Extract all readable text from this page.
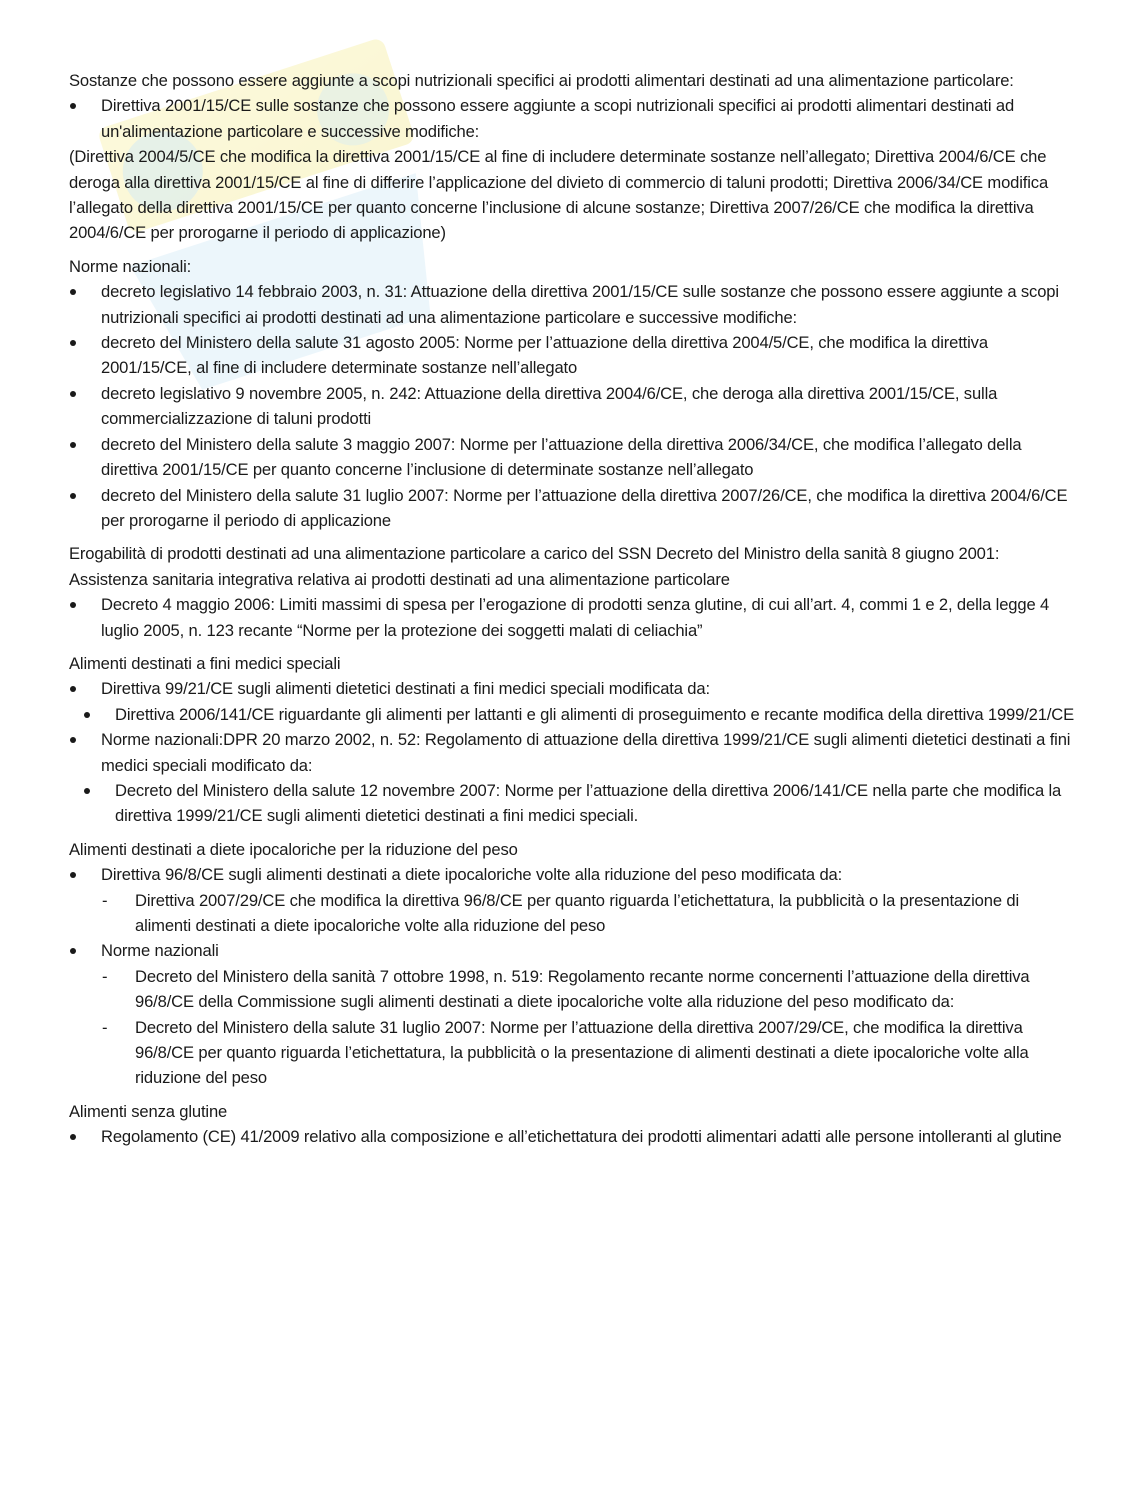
Sostanze che possono essere aggiunte a scopi nutrizionali specifici ai prodotti alimentari destinati ad una alimentazione particolare:

Direttiva 2001/15/CE sulle sostanze che possono essere aggiunte a scopi nutrizionali specifici ai prodotti alimentari destinati ad un'alimentazione particolare e successive modifiche:

(Direttiva 2004/5/CE che modifica la direttiva 2001/15/CE al fine di includere determinate sostanze nell’allegato; Direttiva 2004/6/CE che deroga alla direttiva 2001/15/CE al fine di differire l’applicazione del divieto di commercio di taluni prodotti; Direttiva 2006/34/CE modifica l’allegato della direttiva 2001/15/CE per quanto concerne l’inclusione di alcune sostanze; Direttiva 2007/26/CE che modifica la direttiva 2004/6/CE per prorogarne il periodo di applicazione)

Norme nazionali:

decreto legislativo 14 febbraio 2003, n. 31: Attuazione della direttiva 2001/15/CE sulle sostanze che possono essere aggiunte a scopi nutrizionali specifici ai prodotti destinati ad una alimentazione particolare e successive modifiche:
decreto del Ministero della salute 31 agosto 2005: Norme per l’attuazione della direttiva 2004/5/CE, che modifica la direttiva 2001/15/CE, al fine di includere determinate sostanze nell’allegato
decreto legislativo 9 novembre 2005, n. 242: Attuazione della direttiva 2004/6/CE, che deroga alla direttiva 2001/15/CE, sulla commercializzazione di taluni prodotti
decreto del Ministero della salute 3 maggio 2007: Norme per l’attuazione della direttiva 2006/34/CE, che modifica l’allegato della direttiva 2001/15/CE per quanto concerne l’inclusione di determinate sostanze nell’allegato
decreto del Ministero della salute 31 luglio 2007: Norme per l’attuazione della direttiva 2007/26/CE, che modifica la direttiva 2004/6/CE per prorogarne il periodo di applicazione

Erogabilità di prodotti destinati ad una alimentazione particolare a carico del SSN Decreto del Ministro della sanità 8 giugno 2001: Assistenza sanitaria integrativa relativa ai prodotti destinati ad una alimentazione particolare

Decreto 4 maggio 2006: Limiti massimi di spesa per l’erogazione di prodotti senza glutine, di cui all’art. 4, commi 1 e 2, della legge 4 luglio 2005, n. 123 recante “Norme per la protezione dei soggetti malati di celiachia”

Alimenti destinati a fini medici speciali

Direttiva 99/21/CE sugli alimenti dietetici destinati a fini medici speciali modificata da:
Direttiva 2006/141/CE riguardante gli alimenti per lattanti e gli alimenti di proseguimento e recante modifica della direttiva 1999/21/CE
Norme nazionali:DPR 20 marzo 2002, n. 52: Regolamento di attuazione della direttiva 1999/21/CE sugli alimenti dietetici destinati a fini medici speciali modificato da:
Decreto del Ministero della salute 12 novembre 2007: Norme per l’attuazione della direttiva 2006/141/CE nella parte che modifica la direttiva 1999/21/CE sugli alimenti dietetici destinati a fini medici speciali.

Alimenti destinati a diete ipocaloriche per la riduzione del peso

Direttiva 96/8/CE sugli alimenti destinati a diete ipocaloriche volte alla riduzione del peso modificata da:
- Direttiva 2007/29/CE che modifica la direttiva 96/8/CE per quanto riguarda l’etichettatura, la pubblicità o la presentazione di alimenti destinati a diete ipocaloriche volte alla riduzione del peso
Norme nazionali
- Decreto del Ministero della sanità 7 ottobre 1998, n. 519: Regolamento recante norme concernenti l’attuazione della direttiva 96/8/CE della Commissione sugli alimenti destinati a diete ipocaloriche volte alla riduzione del peso modificato da:
- Decreto del Ministero della salute 31 luglio 2007: Norme per l’attuazione della direttiva 2007/29/CE, che modifica la direttiva 96/8/CE per quanto riguarda l’etichettatura, la pubblicità o la presentazione di alimenti destinati a diete ipocaloriche volte alla riduzione del peso

Alimenti senza glutine

Regolamento (CE) 41/2009 relativo alla composizione e all’etichettatura dei prodotti alimentari adatti alle persone intolleranti al glutine
